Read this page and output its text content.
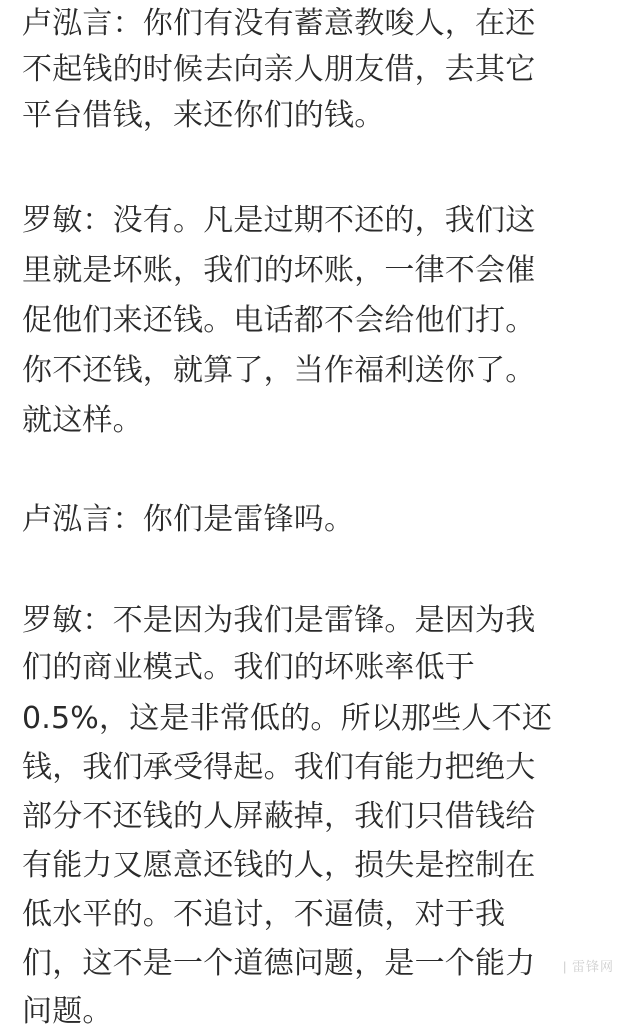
卢泓言：你们有没有蓄意教唆人，在还
不起钱的时候去向亲人朋友借，去其它
平台借钱，来还你们的钱。
罗敏：没有。凡是过期不还的，我们这
里就是坏账，我们的坏账，一律不会催
促他们来还钱。电话都不会给他们打。
你不还钱，就算了，当作福利送你了。
就这样。
卢泓言：你们是雷锋吗。
罗敏：不是因为我们是雷锋。是因为我
们的商业模式。我们的坏账率低于
0.5%，这是非常低的。所以那些人不还
钱，我们承受得起。我们有能力把绝大
部分不还钱的人屏蔽掉，我们只借钱给
有能力又愿意还钱的人，损失是控制在
低水平的。不追讨，不逼债，对于我
们，这不是一个道德问题，是一个能力
问题。
| 雷锋网
